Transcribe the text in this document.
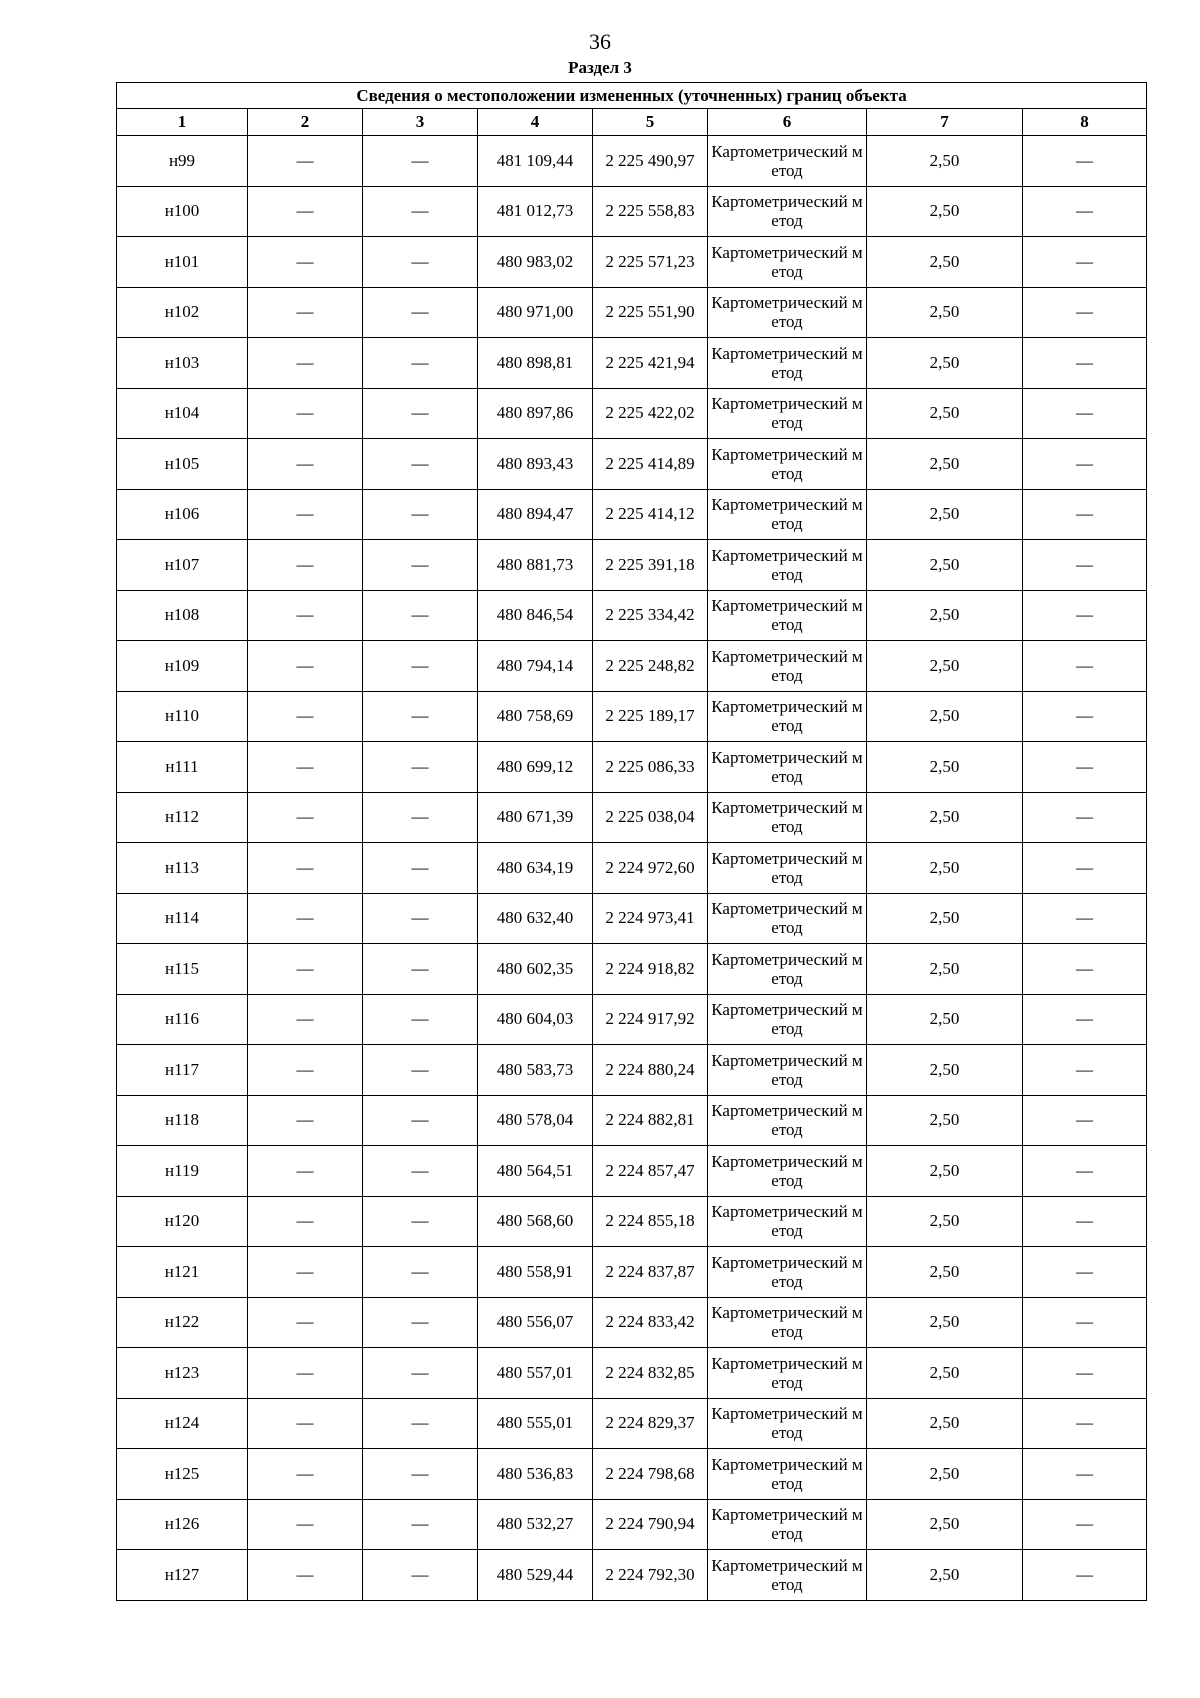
36
Раздел 3
Сведения о местоположении измененных (уточненных) границ объекта							
1	2	3	4	5	6	7	8
н99	—	—	481 109,44	2 225 490,97	Картометрический метод	2,50	—
н100	—	—	481 012,73	2 225 558,83	Картометрический метод	2,50	—
н101	—	—	480 983,02	2 225 571,23	Картометрический метод	2,50	—
н102	—	—	480 971,00	2 225 551,90	Картометрический метод	2,50	—
н103	—	—	480 898,81	2 225 421,94	Картометрический метод	2,50	—
н104	—	—	480 897,86	2 225 422,02	Картометрический метод	2,50	—
н105	—	—	480 893,43	2 225 414,89	Картометрический метод	2,50	—
н106	—	—	480 894,47	2 225 414,12	Картометрический метод	2,50	—
н107	—	—	480 881,73	2 225 391,18	Картометрический метод	2,50	—
н108	—	—	480 846,54	2 225 334,42	Картометрический метод	2,50	—
н109	—	—	480 794,14	2 225 248,82	Картометрический метод	2,50	—
н110	—	—	480 758,69	2 225 189,17	Картометрический метод	2,50	—
н111	—	—	480 699,12	2 225 086,33	Картометрический метод	2,50	—
н112	—	—	480 671,39	2 225 038,04	Картометрический метод	2,50	—
н113	—	—	480 634,19	2 224 972,60	Картометрический метод	2,50	—
н114	—	—	480 632,40	2 224 973,41	Картометрический метод	2,50	—
н115	—	—	480 602,35	2 224 918,82	Картометрический метод	2,50	—
н116	—	—	480 604,03	2 224 917,92	Картометрический метод	2,50	—
н117	—	—	480 583,73	2 224 880,24	Картометрический метод	2,50	—
н118	—	—	480 578,04	2 224 882,81	Картометрический метод	2,50	—
н119	—	—	480 564,51	2 224 857,47	Картометрический метод	2,50	—
н120	—	—	480 568,60	2 224 855,18	Картометрический метод	2,50	—
н121	—	—	480 558,91	2 224 837,87	Картометрический метод	2,50	—
н122	—	—	480 556,07	2 224 833,42	Картометрический метод	2,50	—
н123	—	—	480 557,01	2 224 832,85	Картометрический метод	2,50	—
н124	—	—	480 555,01	2 224 829,37	Картометрический метод	2,50	—
н125	—	—	480 536,83	2 224 798,68	Картометрический метод	2,50	—
н126	—	—	480 532,27	2 224 790,94	Картометрический метод	2,50	—
н127	—	—	480 529,44	2 224 792,30	Картометрический метод	2,50	—
